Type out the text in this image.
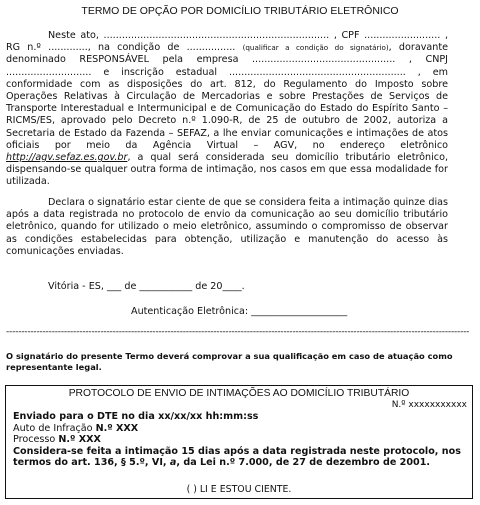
TERMO DE OPÇÃO POR DOMICÍLIO TRIBUTÁRIO ELETRÔNICO
Neste ato, .......................................................................... , CPF ......................... , RG n.º ............., na condição de ................ (qualificar a condição do signatário), doravante denominado RESPONSÁVEL pela empresa ............................................... , CNPJ ............................ e inscrição estadual .......................................................... , em conformidade com as disposições do art. 812, do Regulamento do Imposto sobre Operações Relativas à Circulação de Mercadorias e sobre Prestações de Serviços de Transporte Interestadual e Intermunicipal e de Comunicação do Estado do Espírito Santo – RICMS/ES, aprovado pelo Decreto n.º 1.090-R, de 25 de outubro de 2002, autoriza a Secretaria de Estado da Fazenda – SEFAZ, a lhe enviar comunicações e intimações de atos oficiais por meio da Agência Virtual – AGV, no endereço eletrônico http://agv.sefaz.es.gov.br, a qual será considerada seu domicílio tributário eletrônico, dispensando-se qualquer outra forma de intimação, nos casos em que essa modalidade for utilizada.
Declara o signatário estar ciente de que se considera feita a intimação quinze dias após a data registrada no protocolo de envio da comunicação ao seu domicílio tributário eletrônico, quando for utilizado o meio eletrônico, assumindo o compromisso de observar as condições estabelecidas para obtenção, utilização e manutenção do acesso às comunicações enviadas.
Vitória - ES, ___ de ___________ de 20____.
Autenticação Eletrônica: ____________________
--------------------------------------------------------------------------------------------------------------------------------------------------------
O signatário do presente Termo deverá comprovar a sua qualificação em caso de atuação como representante legal.
PROTOCOLO DE ENVIO DE INTIMAÇÕES AO DOMICÍLIO TRIBUTÁRIO
N.º xxxxxxxxxxx
Enviado para o DTE no dia xx/xx/xx hh:mm:ss
Auto de Infração N.º XXX
Processo N.º XXX
Considera-se feita a intimação 15 dias após a data registrada neste protocolo, nos termos do art. 136, § 5.º, VI, a, da Lei n.º 7.000, de 27 de dezembro de 2001.
( ) LI E ESTOU CIENTE.
